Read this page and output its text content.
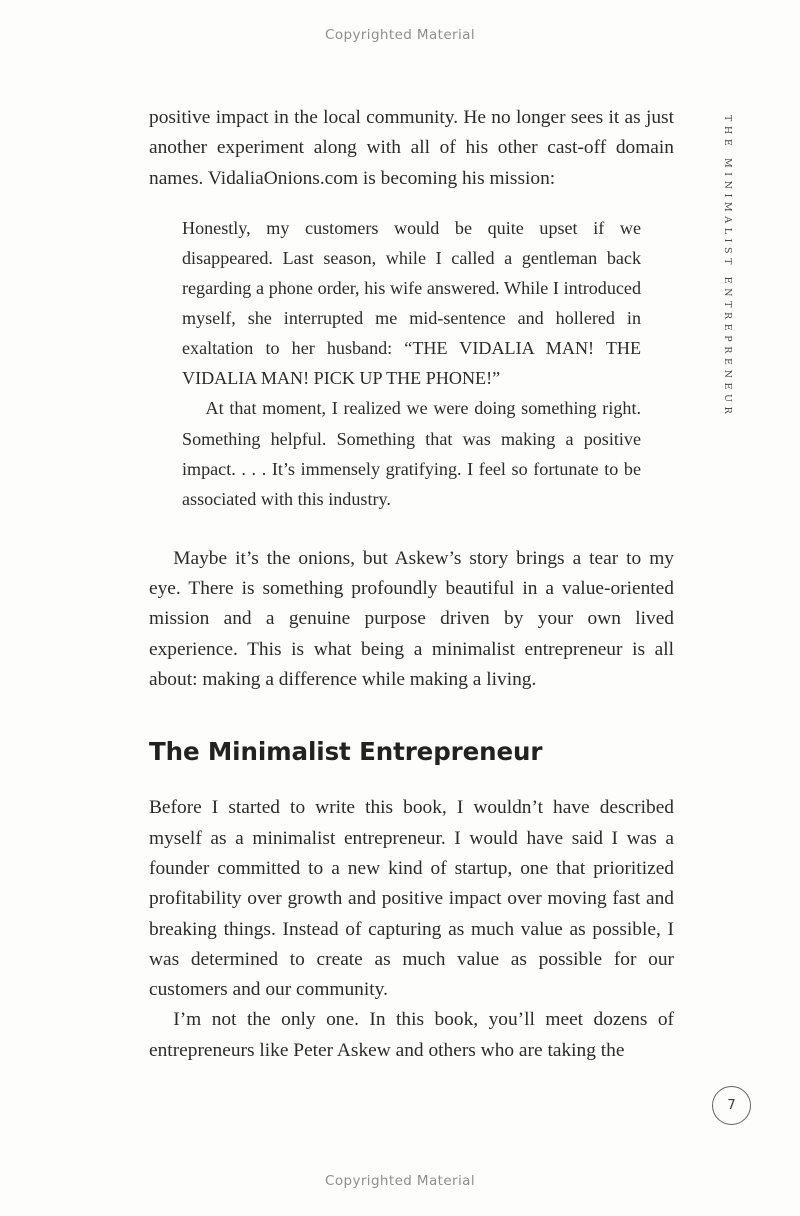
Copyrighted Material
THE MINIMALIST ENTREPRENEUR

positive impact in the local community. He no longer sees it as just another experiment along with all of his other cast-off domain names. VidaliaOnions.com is becoming his mission:

Honestly, my customers would be quite upset if we disappeared. Last season, while I called a gentleman back regarding a phone order, his wife answered. While I introduced myself, she interrupted me mid-sentence and hollered in exaltation to her husband: “THE VIDALIA MAN! THE VIDALIA MAN! PICK UP THE PHONE!”

At that moment, I realized we were doing something right. Something helpful. Something that was making a positive impact. . . . It’s immensely gratifying. I feel so fortunate to be associated with this industry.

Maybe it’s the onions, but Askew’s story brings a tear to my eye. There is something profoundly beautiful in a value-oriented mission and a genuine purpose driven by your own lived experience. This is what being a minimalist entrepreneur is all about: making a difference while making a living.

The Minimalist Entrepreneur

Before I started to write this book, I wouldn’t have described myself as a minimalist entrepreneur. I would have said I was a founder committed to a new kind of startup, one that prioritized profitability over growth and positive impact over moving fast and breaking things. Instead of capturing as much value as possible, I was determined to create as much value as possible for our customers and our community.

I’m not the only one. In this book, you’ll meet dozens of entrepreneurs like Peter Askew and others who are taking the

7
Copyrighted Material
